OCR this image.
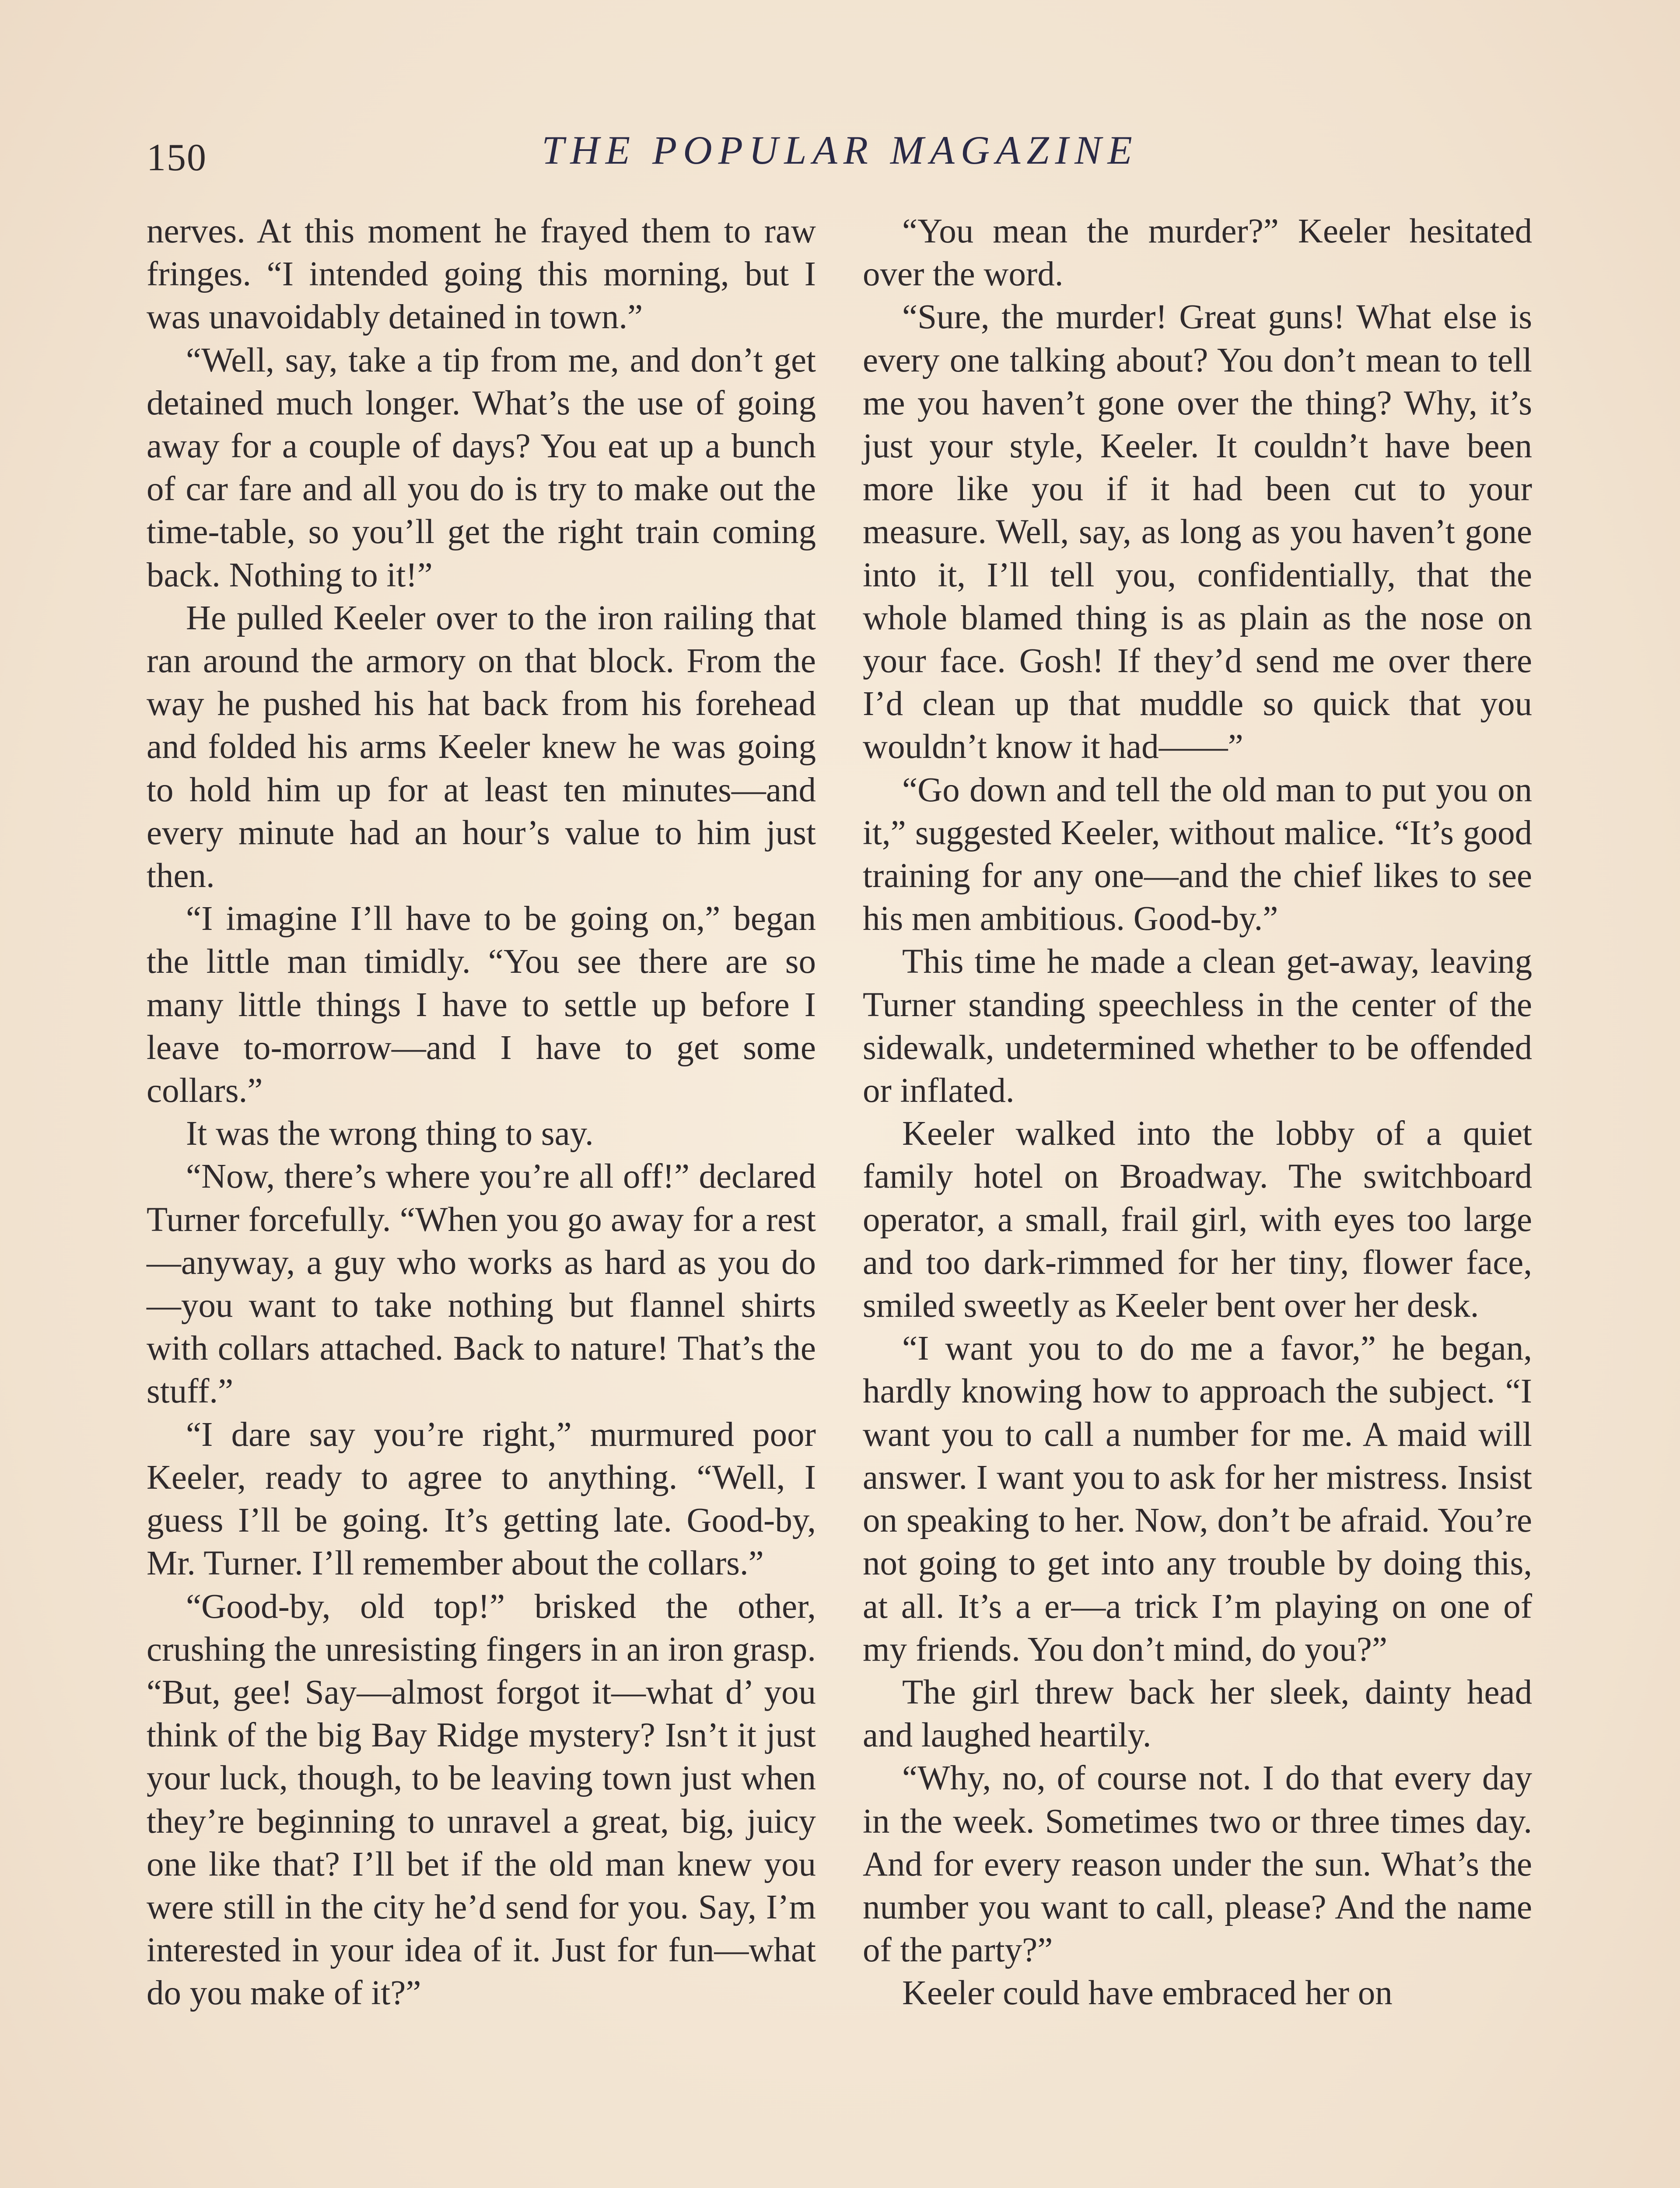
150	THE POPULAR MAGAZINE

nerves. At this moment he frayed them to raw fringes. “I intended going this morning, but I was unavoidably detained in town.”

“Well, say, take a tip from me, and don’t get detained much longer. What’s the use of going away for a couple of days? You eat up a bunch of car fare and all you do is try to make out the time-table, so you’ll get the right train coming back. Nothing to it!”

He pulled Keeler over to the iron railing that ran around the armory on that block. From the way he pushed his hat back from his forehead and folded his arms Keeler knew he was going to hold him up for at least ten minutes—and every minute had an hour’s value to him just then.

“I imagine I’ll have to be going on,” began the little man timidly. “You see there are so many little things I have to settle up before I leave to-morrow—and I have to get some collars.”

It was the wrong thing to say.

“Now, there’s where you’re all off!” declared Turner forcefully. “When you go away for a rest—anyway, a guy who works as hard as you do—you want to take nothing but flannel shirts with collars attached. Back to nature! That’s the stuff.”

“I dare say you’re right,” murmured poor Keeler, ready to agree to anything. “Well, I guess I’ll be going. It’s getting late. Good-by, Mr. Turner. I’ll remember about the collars.”

“Good-by, old top!” brisked the other, crushing the unresisting fingers in an iron grasp. “But, gee! Say—almost forgot it—what d’ you think of the big Bay Ridge mystery? Isn’t it just your luck, though, to be leaving town just when they’re beginning to unravel a great, big, juicy one like that? I’ll bet if the old man knew you were still in the city he’d send for you. Say, I’m interested in your idea of it. Just for fun—what do you make of it?”

“You mean the murder?” Keeler hesitated over the word.

“Sure, the murder! Great guns! What else is every one talking about? You don’t mean to tell me you haven’t gone over the thing? Why, it’s just your style, Keeler. It couldn’t have been more like you if it had been cut to your measure. Well, say, as long as you haven’t gone into it, I’ll tell you, confidentially, that the whole blamed thing is as plain as the nose on your face. Gosh! If they’d send me over there I’d clean up that muddle so quick that you wouldn’t know it had——”

“Go down and tell the old man to put you on it,” suggested Keeler, without malice. “It’s good training for any one—and the chief likes to see his men ambitious. Good-by.”

This time he made a clean get-away, leaving Turner standing speechless in the center of the sidewalk, undetermined whether to be offended or inflated.

Keeler walked into the lobby of a quiet family hotel on Broadway. The switchboard operator, a small, frail girl, with eyes too large and too dark-rimmed for her tiny, flower face, smiled sweetly as Keeler bent over her desk.

“I want you to do me a favor,” he began, hardly knowing how to approach the subject. “I want you to call a number for me. A maid will answer. I want you to ask for her mistress. Insist on speaking to her. Now, don’t be afraid. You’re not going to get into any trouble by doing this, at all. It’s a er—a trick I’m playing on one of my friends. You don’t mind, do you?”

The girl threw back her sleek, dainty head and laughed heartily.

“Why, no, of course not. I do that every day in the week. Sometimes two or three times day. And for every reason under the sun. What’s the number you want to call, please? And the name of the party?”

Keeler could have embraced her on
